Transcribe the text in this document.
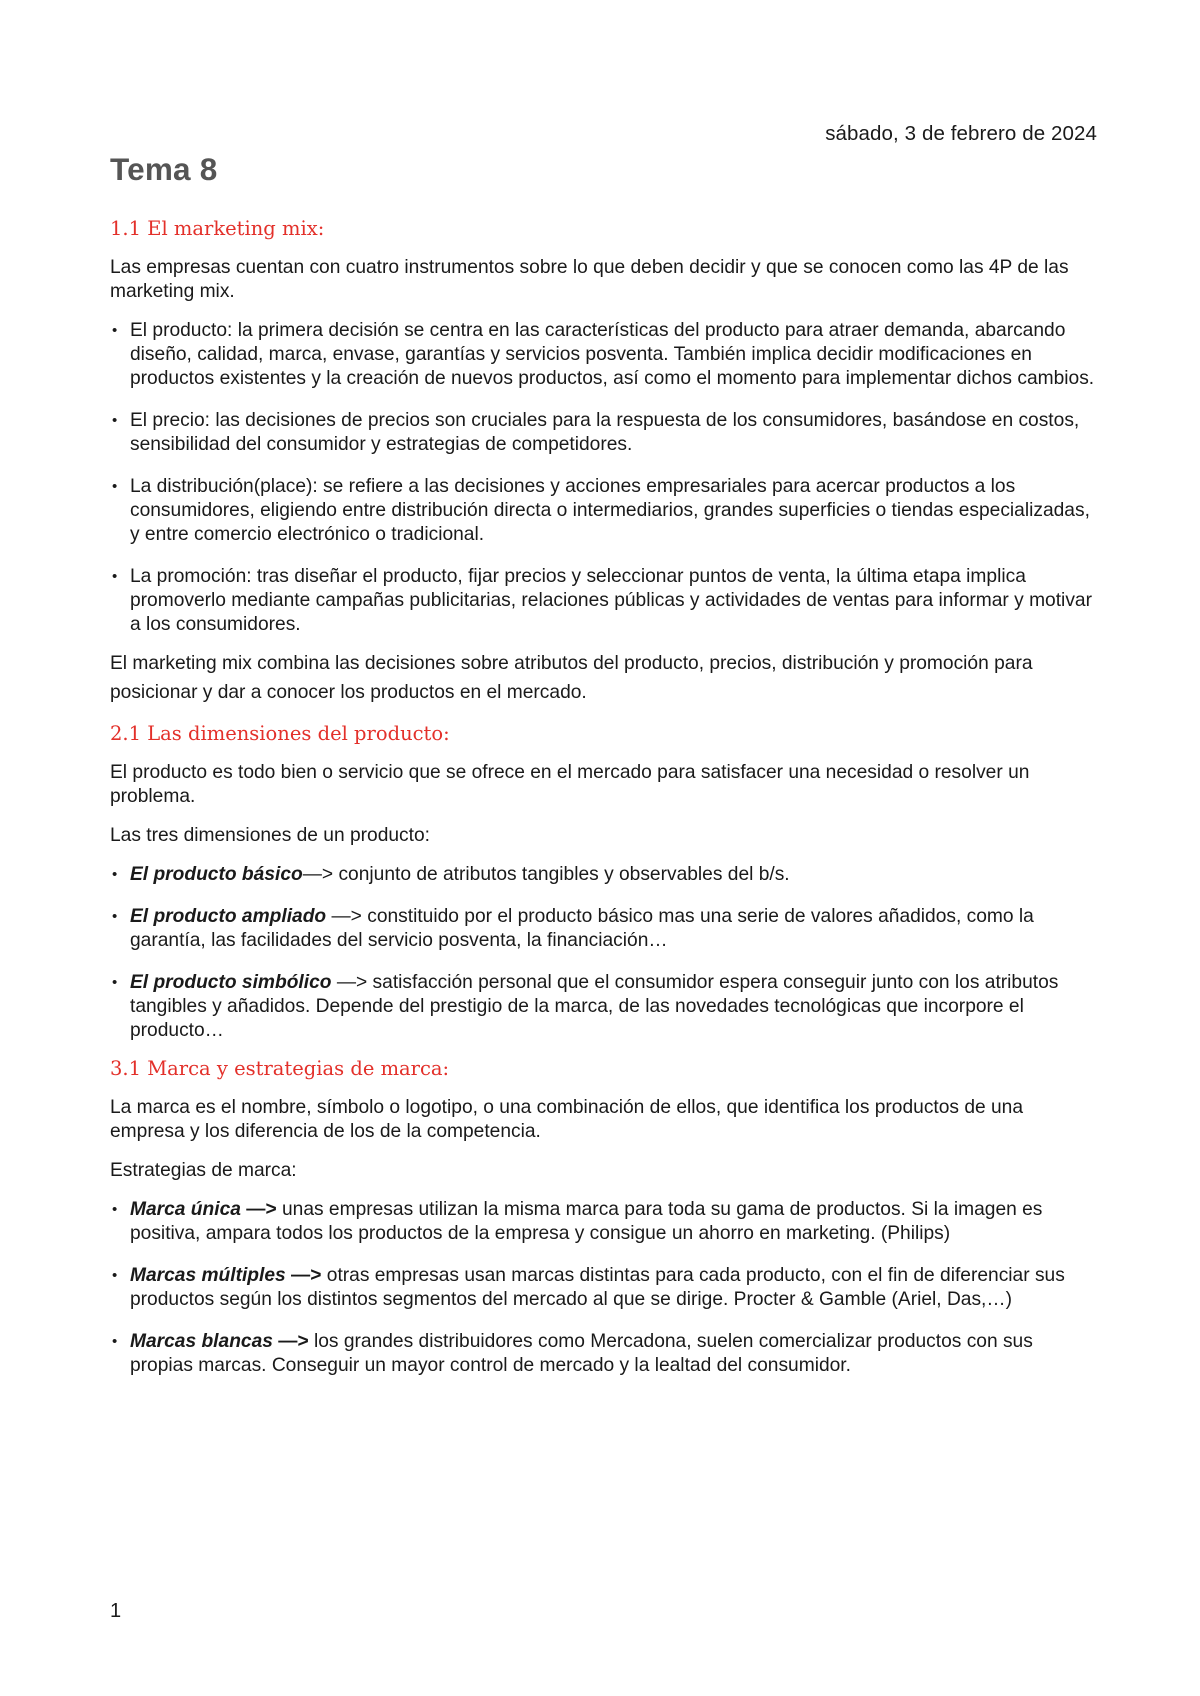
sábado, 3 de febrero de 2024
Tema 8
1.1 El marketing mix:

Las empresas cuentan con cuatro instrumentos sobre lo que deben decidir y que se conocen como las 4P de las marketing mix.

• El producto: la primera decisión se centra en las características del producto para atraer demanda, abarcando diseño, calidad, marca, envase, garantías y servicios posventa. También implica decidir modificaciones en productos existentes y la creación de nuevos productos, así como el momento para implementar dichos cambios.
• El precio: las decisiones de precios son cruciales para la respuesta de los consumidores, basándose en costos, sensibilidad del consumidor y estrategias de competidores.
• La distribución(place): se refiere a las decisiones y acciones empresariales para acercar productos a los consumidores, eligiendo entre distribución directa o intermediarios, grandes superficies o tiendas especializadas, y entre comercio electrónico o tradicional.
• La promoción: tras diseñar el producto, fijar precios y seleccionar puntos de venta, la última etapa implica promoverlo mediante campañas publicitarias, relaciones públicas y actividades de ventas para informar y motivar a los consumidores.

El marketing mix combina las decisiones sobre atributos del producto, precios, distribución y promoción para posicionar y dar a conocer los productos en el mercado.

2.1 Las dimensiones del producto:

El producto es todo bien o servicio que se ofrece en el mercado para satisfacer una necesidad o resolver un problema.

Las tres dimensiones de un producto:

• El producto básico—> conjunto de atributos tangibles y observables del b/s.
• El producto ampliado —> constituido por el producto básico mas una serie de valores añadidos, como la garantía, las facilidades del servicio posventa, la financiación…
• El producto simbólico —> satisfacción personal que el consumidor espera conseguir junto con los atributos tangibles y añadidos. Depende del prestigio de la marca, de las novedades tecnológicas que incorpore el producto…
3.1 Marca y estrategias de marca:

La marca es el nombre, símbolo o logotipo, o una combinación de ellos, que identifica los productos de una empresa y los diferencia de los de la competencia.

Estrategias de marca:

• Marca única —> unas empresas utilizan la misma marca para toda su gama de productos. Si la imagen es positiva, ampara todos los productos de la empresa y consigue un ahorro en marketing. (Philips)
• Marcas múltiples —> otras empresas usan marcas distintas para cada producto, con el fin de diferenciar sus productos según los distintos segmentos del mercado al que se dirige. Procter & Gamble (Ariel, Das,…)
• Marcas blancas —> los grandes distribuidores como Mercadona, suelen comercializar productos con sus propias marcas. Conseguir un mayor control de mercado y la lealtad del consumidor.
1
